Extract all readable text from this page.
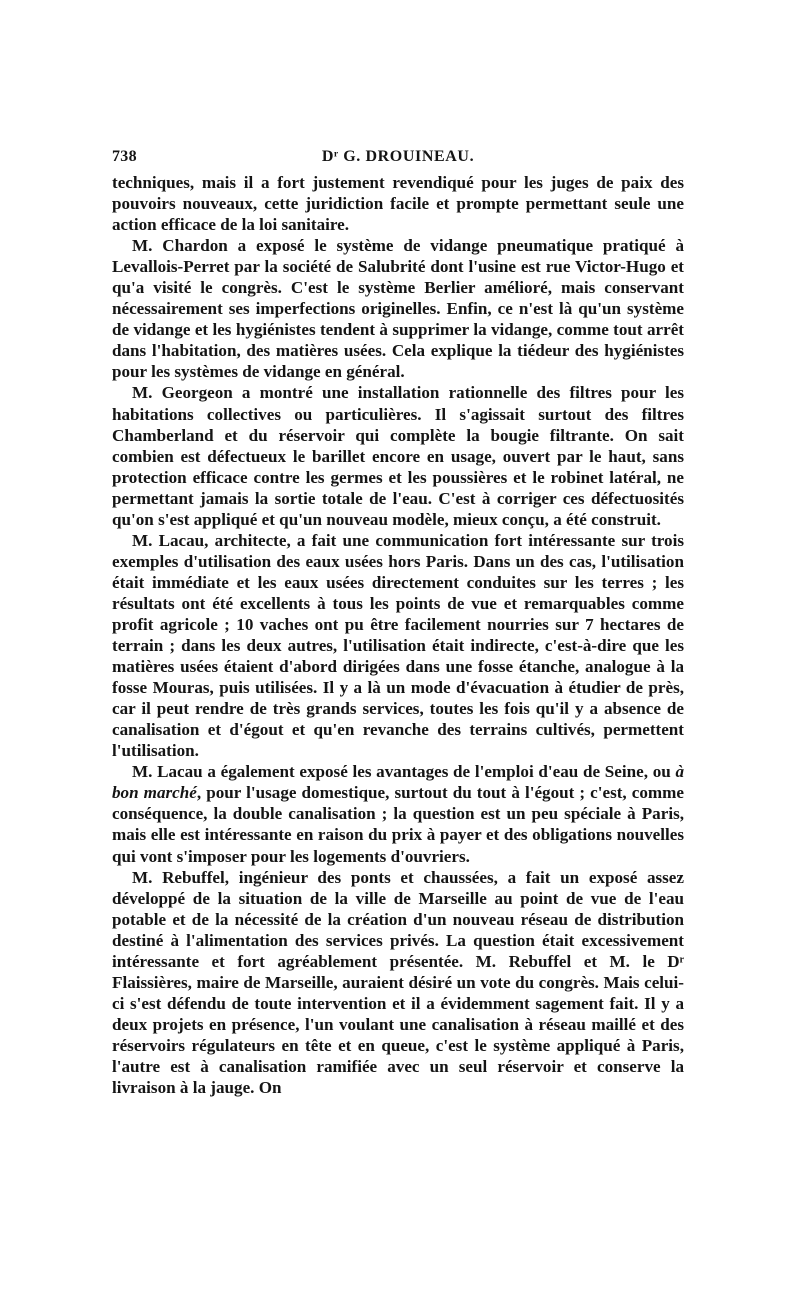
738	Dʳ G. DROUINEAU.

techniques, mais il a fort justement revendiqué pour les juges de paix des pouvoirs nouveaux, cette juridiction facile et prompte permettant seule une action efficace de la loi sanitaire.

M. Chardon a exposé le système de vidange pneumatique pratiqué à Levallois-Perret par la société de Salubrité dont l'usine est rue Victor-Hugo et qu'a visité le congrès. C'est le système Berlier amélioré, mais conservant nécessairement ses imperfections originelles. Enfin, ce n'est là qu'un système de vidange et les hygiénistes tendent à supprimer la vidange, comme tout arrêt dans l'habitation, des matières usées. Cela explique la tiédeur des hygiénistes pour les systèmes de vidange en général.

M. Georgeon a montré une installation rationnelle des filtres pour les habitations collectives ou particulières. Il s'agissait surtout des filtres Chamberland et du réservoir qui complète la bougie filtrante. On sait combien est défectueux le barillet encore en usage, ouvert par le haut, sans protection efficace contre les germes et les poussières et le robinet latéral, ne permettant jamais la sortie totale de l'eau. C'est à corriger ces défectuosités qu'on s'est appliqué et qu'un nouveau modèle, mieux conçu, a été construit.

M. Lacau, architecte, a fait une communication fort intéressante sur trois exemples d'utilisation des eaux usées hors Paris. Dans un des cas, l'utilisation était immédiate et les eaux usées directement conduites sur les terres ; les résultats ont été excellents à tous les points de vue et remarquables comme profit agricole ; 10 vaches ont pu être facilement nourries sur 7 hectares de terrain ; dans les deux autres, l'utilisation était indirecte, c'est-à-dire que les matières usées étaient d'abord dirigées dans une fosse étanche, analogue à la fosse Mouras, puis utilisées. Il y a là un mode d'évacuation à étudier de près, car il peut rendre de très grands services, toutes les fois qu'il y a absence de canalisation et d'égout et qu'en revanche des terrains cultivés, permettent l'utilisation.

M. Lacau a également exposé les avantages de l'emploi d'eau de Seine, ou à bon marché, pour l'usage domestique, surtout du tout à l'égout ; c'est, comme conséquence, la double canalisation ; la question est un peu spéciale à Paris, mais elle est intéressante en raison du prix à payer et des obligations nouvelles qui vont s'imposer pour les logements d'ouvriers.

M. Rebuffel, ingénieur des ponts et chaussées, a fait un exposé assez développé de la situation de la ville de Marseille au point de vue de l'eau potable et de la nécessité de la création d'un nouveau réseau de distribution destiné à l'alimentation des services privés. La question était excessivement intéressante et fort agréablement présentée. M. Rebuffel et M. le Dʳ Flaissières, maire de Marseille, auraient désiré un vote du congrès. Mais celui-ci s'est défendu de toute intervention et il a évidemment sagement fait. Il y a deux projets en présence, l'un voulant une canalisation à réseau maillé et des réservoirs régulateurs en tête et en queue, c'est le système appliqué à Paris, l'autre est à canalisation ramifiée avec un seul réservoir et conserve la livraison à la jauge. On
